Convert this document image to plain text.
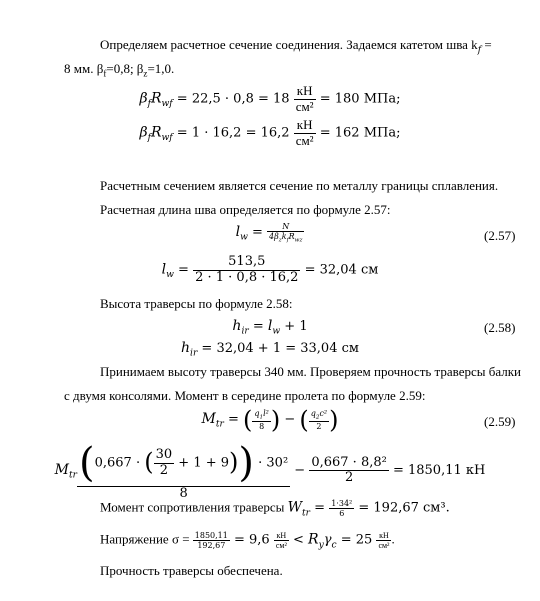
Определяем расчетное сечение соединения. Задаемся катетом шва $k_f$ =
8 мм. $\beta_f=0,8$; $\beta_z=1,0$.
$\beta_fR_{wf} = 22,5 \cdot 0,8 = 18 \frac{кН}{\text{см²}} = 180$ МПа;
$\beta_fR_{wf} = 1 \cdot 16,2 = 16,2 \frac{кН}{\text{см²}} = 162$ МПа;
Расчетным сечением является сечение по металлу границы сплавления.
Расчетная длина шва определяется по формуле 2.57:
$l_w = \frac{N}{4\beta_zk_fR_{wz}}$	(2.57)
$l_w = \frac{513,5}{2 \cdot 1 \cdot 0,8 \cdot 16,2} = 32,04$ см
Высота траверсы по формуле 2.58:
$h_{ir} = l_w + 1$	(2.58)
$h_{ir} = 32,04 + 1 = 33,04$ см
Принимаем высоту траверсы 340 мм. Проверяем прочность траверсы балки
с двумя консолями. Момент в середине пролета по формуле 2.59:
$M_{tr}$ = ( $\frac{q_1l^2}{8}$ ) − ( $\frac{q_2c^2}{2}$ )	(2.59)
$M_{tr} \frac{(0,667 \cdot ( \frac{30}{2} + 1 + 9)) \cdot 30^2}{8} - \frac{\text{0,667 · 8,8²}}{2} = 1850,11$ кН
Момент сопротивления траверсы $W_{tr} = \frac{\text{1·34²}}{6} = 192,67$ см³.
Напряжение $\sigma = \frac{1850,11}{192,67} = 9,6 \frac{кН}{\text{см²}} < R_y\gamma_c = 25 \frac{кН}{\text{см²}}$ .
Прочность траверсы обеспечена.
